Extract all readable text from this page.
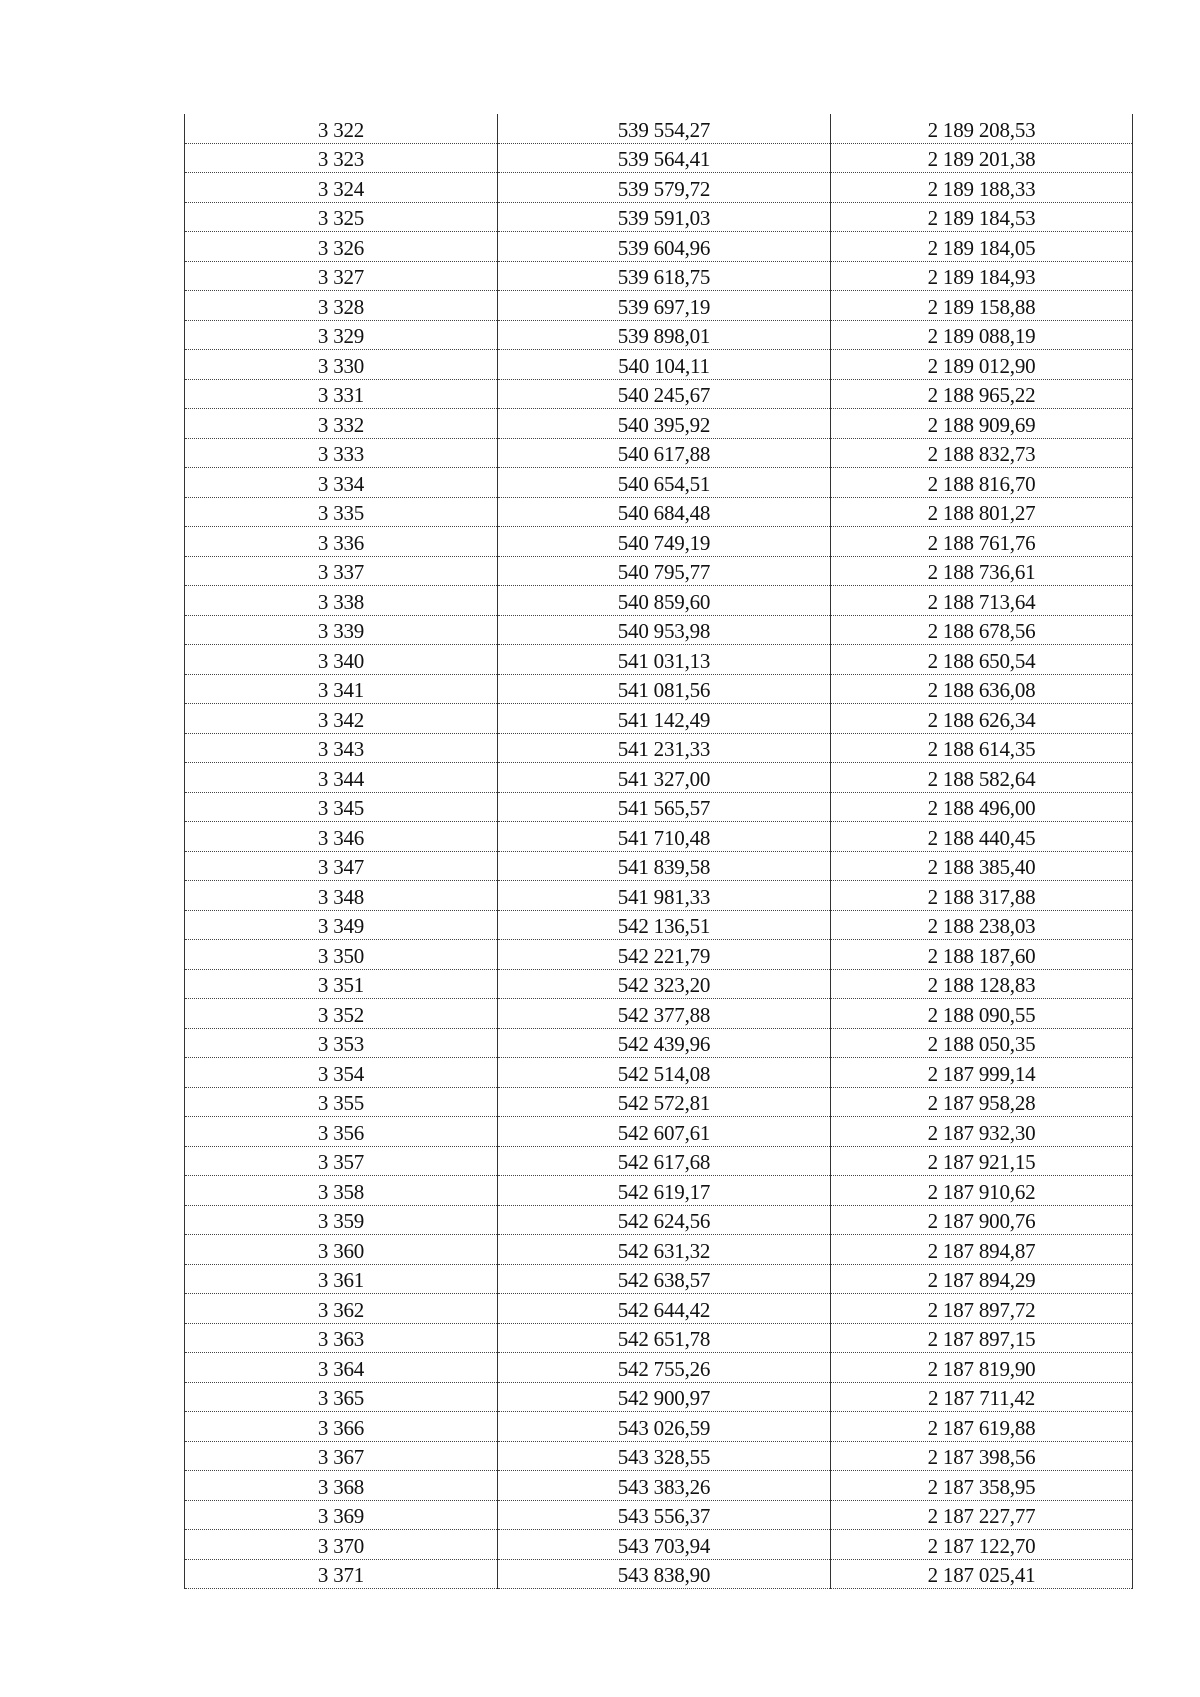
3 322	539 554,27	2 189 208,53
3 323	539 564,41	2 189 201,38
3 324	539 579,72	2 189 188,33
3 325	539 591,03	2 189 184,53
3 326	539 604,96	2 189 184,05
3 327	539 618,75	2 189 184,93
3 328	539 697,19	2 189 158,88
3 329	539 898,01	2 189 088,19
3 330	540 104,11	2 189 012,90
3 331	540 245,67	2 188 965,22
3 332	540 395,92	2 188 909,69
3 333	540 617,88	2 188 832,73
3 334	540 654,51	2 188 816,70
3 335	540 684,48	2 188 801,27
3 336	540 749,19	2 188 761,76
3 337	540 795,77	2 188 736,61
3 338	540 859,60	2 188 713,64
3 339	540 953,98	2 188 678,56
3 340	541 031,13	2 188 650,54
3 341	541 081,56	2 188 636,08
3 342	541 142,49	2 188 626,34
3 343	541 231,33	2 188 614,35
3 344	541 327,00	2 188 582,64
3 345	541 565,57	2 188 496,00
3 346	541 710,48	2 188 440,45
3 347	541 839,58	2 188 385,40
3 348	541 981,33	2 188 317,88
3 349	542 136,51	2 188 238,03
3 350	542 221,79	2 188 187,60
3 351	542 323,20	2 188 128,83
3 352	542 377,88	2 188 090,55
3 353	542 439,96	2 188 050,35
3 354	542 514,08	2 187 999,14
3 355	542 572,81	2 187 958,28
3 356	542 607,61	2 187 932,30
3 357	542 617,68	2 187 921,15
3 358	542 619,17	2 187 910,62
3 359	542 624,56	2 187 900,76
3 360	542 631,32	2 187 894,87
3 361	542 638,57	2 187 894,29
3 362	542 644,42	2 187 897,72
3 363	542 651,78	2 187 897,15
3 364	542 755,26	2 187 819,90
3 365	542 900,97	2 187 711,42
3 366	543 026,59	2 187 619,88
3 367	543 328,55	2 187 398,56
3 368	543 383,26	2 187 358,95
3 369	543 556,37	2 187 227,77
3 370	543 703,94	2 187 122,70
3 371	543 838,90	2 187 025,41
